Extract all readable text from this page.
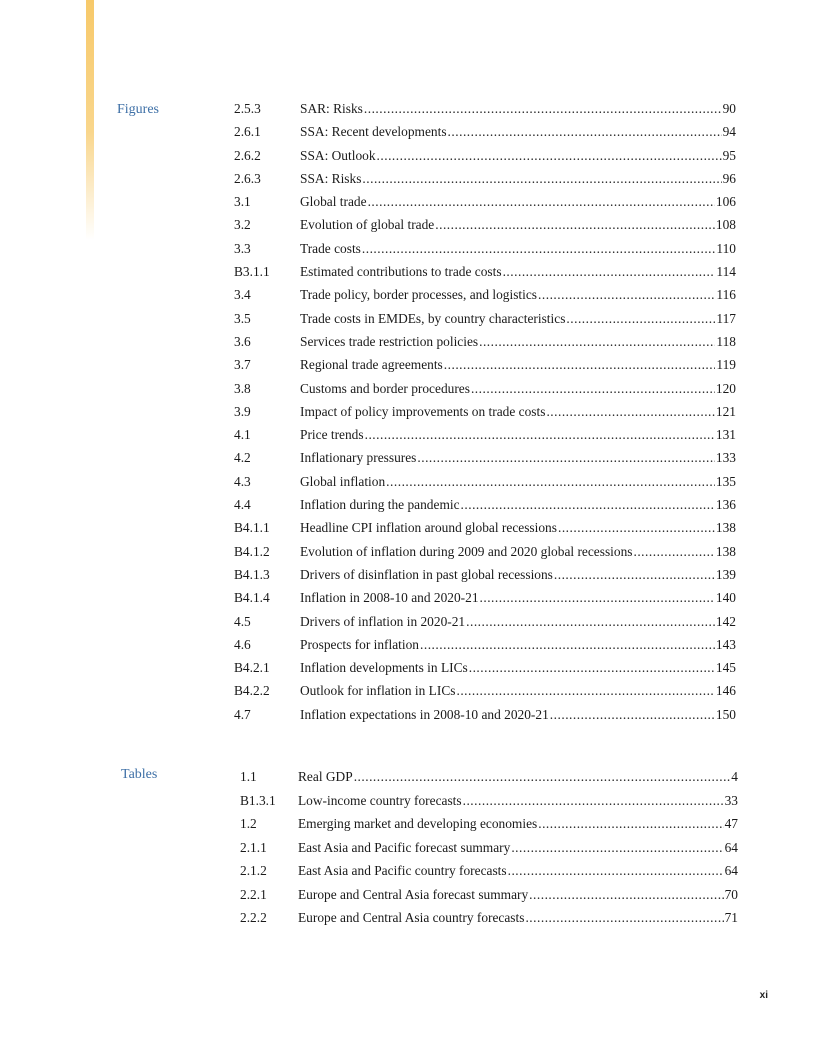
Figures	2.5.3	SAR: Risks .....	90
2.6.1	SSA: Recent developments .....	94
2.6.2	SSA: Outlook .....	95
2.6.3	SSA: Risks .....	96
3.1	Global trade .....	106
3.2	Evolution of global trade .....	108
3.3	Trade costs .....	110
B3.1.1	Estimated contributions to trade costs .....	114
3.4	Trade policy, border processes, and logistics .....	116
3.5	Trade costs in EMDEs, by country characteristics .....	117
3.6	Services trade restriction policies .....	118
3.7	Regional trade agreements .....	119
3.8	Customs and border procedures .....	120
3.9	Impact of policy improvements on trade costs .....	121
4.1	Price trends .....	131
4.2	Inflationary pressures .....	133
4.3	Global inflation .....	135
4.4	Inflation during the pandemic .....	136
B4.1.1	Headline CPI inflation around global recessions .....	138
B4.1.2	Evolution of inflation during 2009 and 2020 global recessions .....	138
B4.1.3	Drivers of disinflation in past global recessions .....	139
B4.1.4	Inflation in 2008-10 and 2020-21 .....	140
4.5	Drivers of inflation in 2020-21 .....	142
4.6	Prospects for inflation .....	143
B4.2.1	Inflation developments in LICs .....	145
B4.2.2	Outlook for inflation in LICs .....	146
4.7	Inflation expectations in 2008-10 and 2020-21 .....	150
Tables	1.1	Real GDP .....	4
B1.3.1	Low-income country forecasts .....	33
1.2	Emerging market and developing economies .....	47
2.1.1	East Asia and Pacific forecast summary .....	64
2.1.2	East Asia and Pacific country forecasts .....	64
2.2.1	Europe and Central Asia forecast summary .....	70
2.2.2	Europe and Central Asia country forecasts .....	71
xi
